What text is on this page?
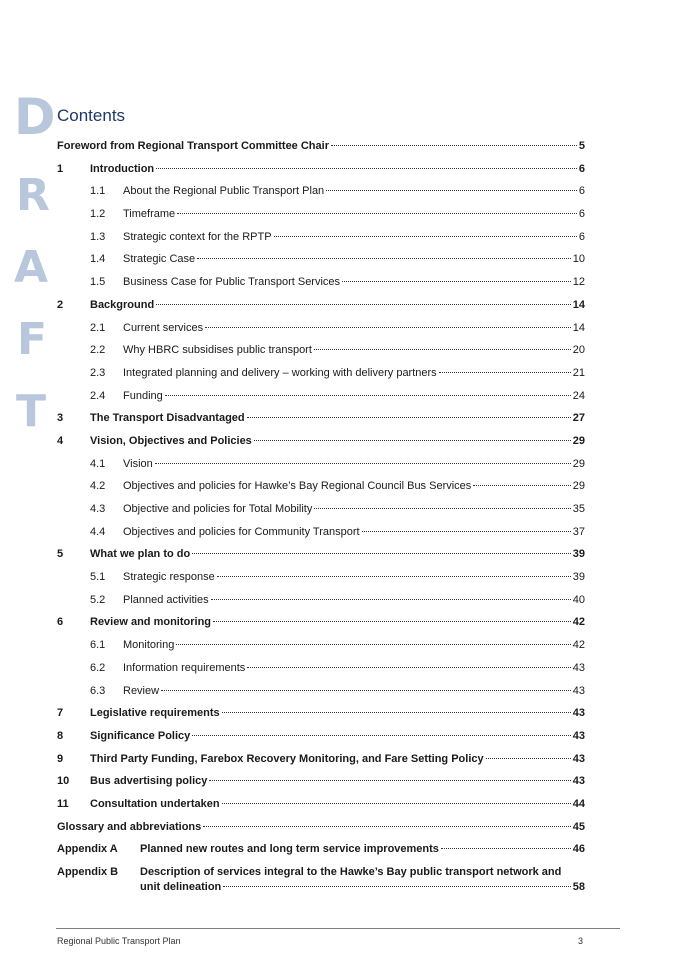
D
R
A
F
T
Contents
Foreword from Regional Transport Committee Chair	5
1	Introduction	6
1.1	About the Regional Public Transport Plan	6
1.2	Timeframe	6
1.3	Strategic context for the RPTP	6
1.4	Strategic Case	10
1.5	Business Case for Public Transport Services	12
2	Background	14
2.1	Current services	14
2.2	Why HBRC subsidises public transport	20
2.3	Integrated planning and delivery – working with delivery partners	21
2.4	Funding	24
3	The Transport Disadvantaged	27
4	Vision, Objectives and Policies	29
4.1	Vision	29
4.2	Objectives and policies for Hawke’s Bay Regional Council Bus Services	29
4.3	Objective and policies for Total Mobility	35
4.4	Objectives and policies for Community Transport	37
5	What we plan to do	39
5.1	Strategic response	39
5.2	Planned activities	40
6	Review and monitoring	42
6.1	Monitoring	42
6.2	Information requirements	43
6.3	Review	43
7	Legislative requirements	43
8	Significance Policy	43
9	Third Party Funding, Farebox Recovery Monitoring, and Fare Setting Policy	43
10	Bus advertising policy	43
11	Consultation undertaken	44
Glossary and abbreviations	45
Appendix A	Planned new routes and long term service improvements	46
Appendix B	Description of services integral to the Hawke’s Bay public transport network and
unit delineation	58
Regional Public Transport Plan	3
